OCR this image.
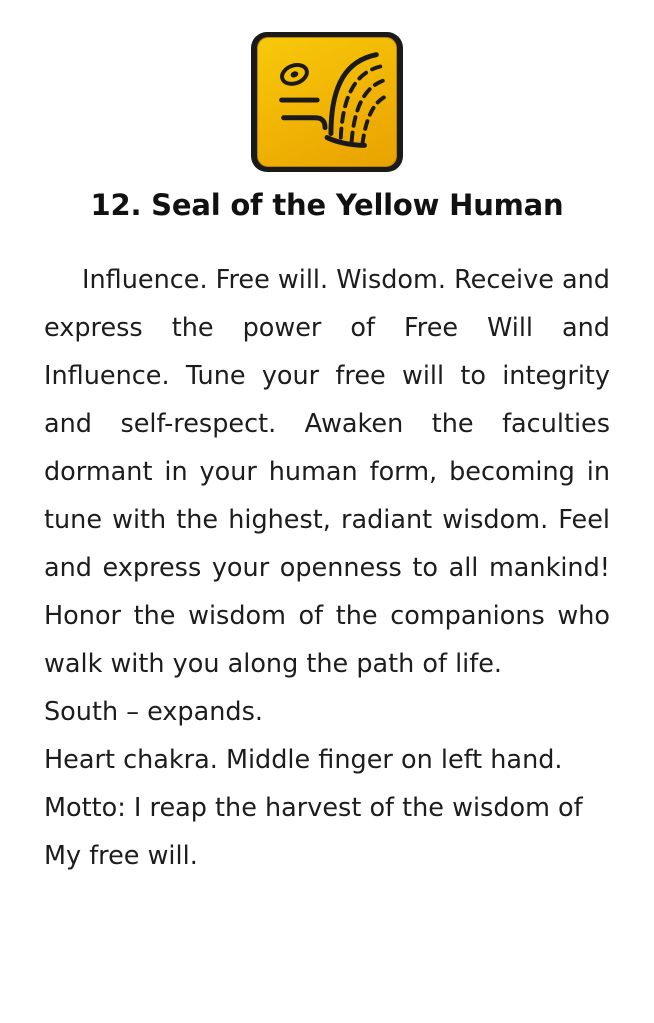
12. Seal of the Yellow Human

Influence. Free will. Wisdom. Receive and express the power of Free Will and Influence. Tune your free will to integrity and self-respect. Awaken the faculties dormant in your human form, becoming in tune with the highest, radiant wisdom. Feel and express your openness to all mankind! Honor the wisdom of the companions who walk with you along the path of life.

South – expands.

Heart chakra. Middle finger on left hand.

Motto: I reap the harvest of the wisdom of My free will.
